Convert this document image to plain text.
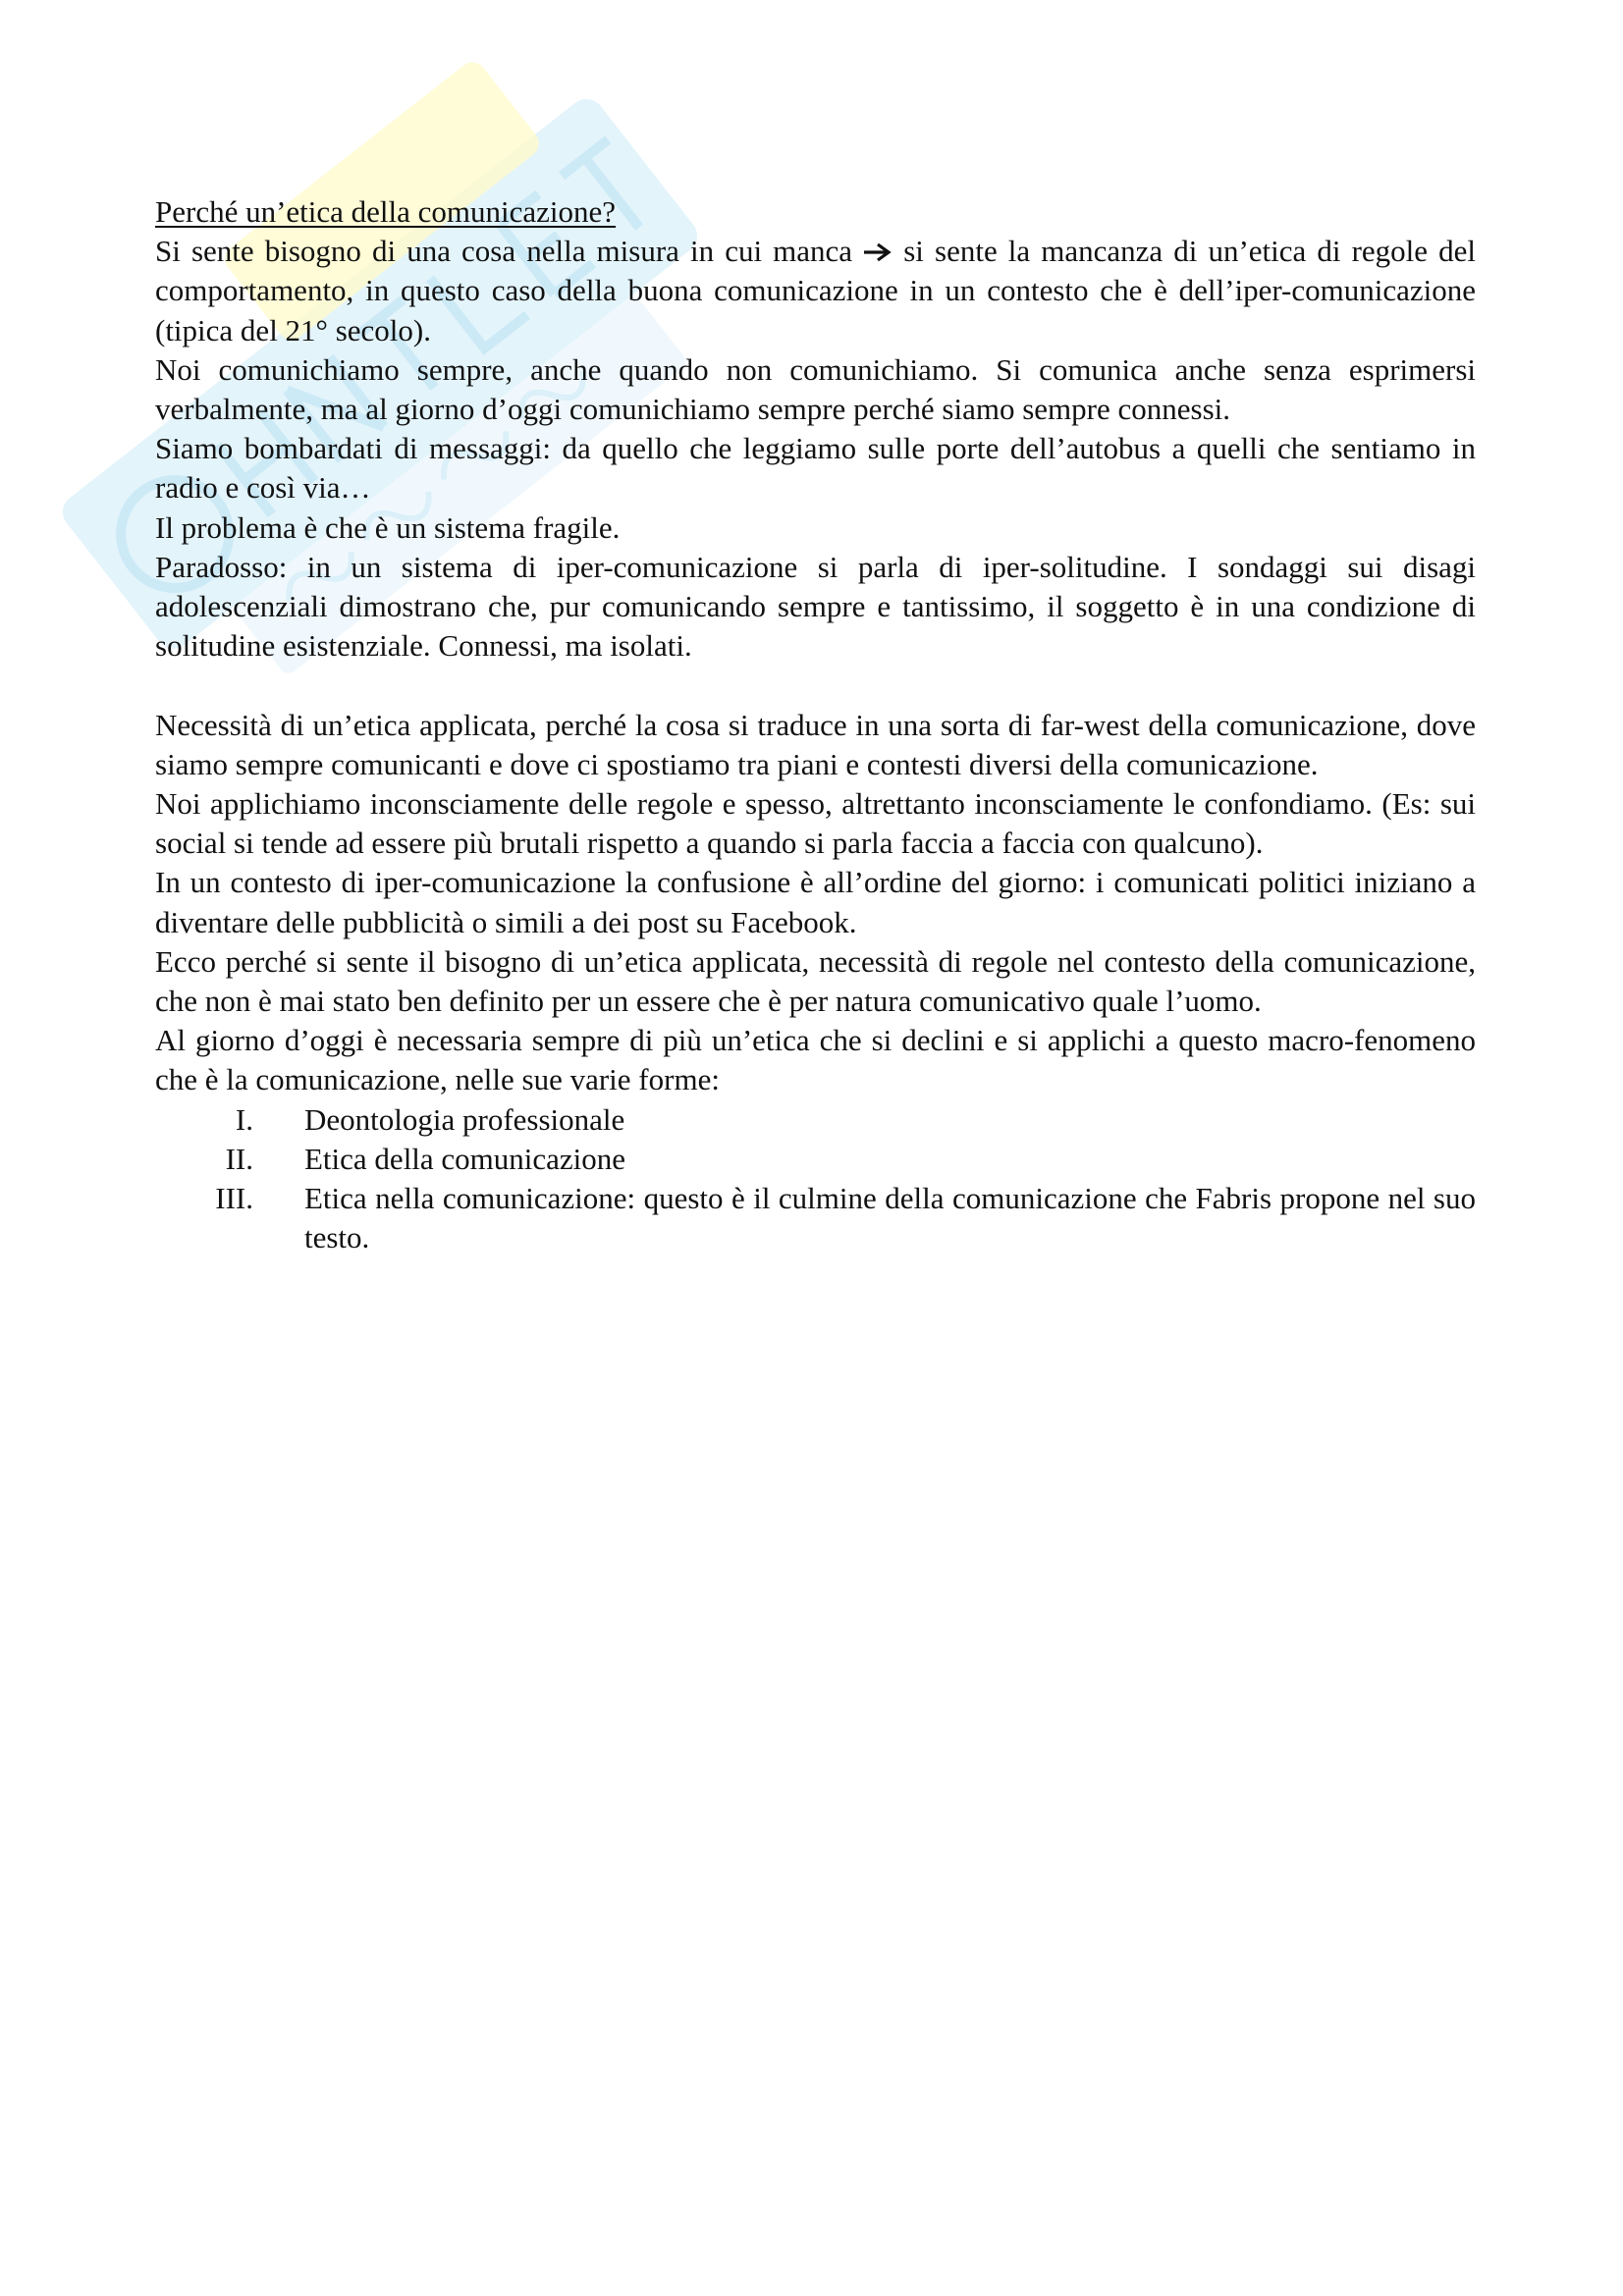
Perché un’etica della comunicazione?

Si sente bisogno di una cosa nella misura in cui manca  si sente la mancanza di un’etica di regole del comportamento, in questo caso della buona comunicazione in un contesto che è dell’iper-comunicazione (tipica del 21° secolo).

Noi comunichiamo sempre, anche quando non comunichiamo. Si comunica anche senza esprimersi verbalmente, ma al giorno d’oggi comunichiamo sempre perché siamo sempre connessi.

Siamo bombardati di messaggi: da quello che leggiamo sulle porte dell’autobus a quelli che sentiamo in radio e così via…

Il problema è che è un sistema fragile.

Paradosso: in un sistema di iper-comunicazione si parla di iper-solitudine. I sondaggi sui disagi adolescenziali dimostrano che, pur comunicando sempre e tantissimo, il soggetto è in una condizione di solitudine esistenziale. Connessi, ma isolati.

Necessità di un’etica applicata, perché la cosa si traduce in una sorta di far-west della comunicazione, dove siamo sempre comunicanti e dove ci spostiamo tra piani e contesti diversi della comunicazione.

Noi applichiamo inconsciamente delle regole e spesso, altrettanto inconsciamente le confondiamo. (Es: sui social si tende ad essere più brutali rispetto a quando si parla faccia a faccia con qualcuno).

In un contesto di iper-comunicazione la confusione è all’ordine del giorno: i comunicati politici iniziano a diventare delle pubblicità o simili a dei post su Facebook.

Ecco perché si sente il bisogno di un’etica applicata, necessità di regole nel contesto della comunicazione, che non è mai stato ben definito per un essere che è per natura comunicativo quale l’uomo.

Al giorno d’oggi è necessaria sempre di più un’etica che si declini e si applichi a questo macro-fenomeno che è la comunicazione, nelle sue varie forme:

I.	Deontologia professionale
II.	Etica della comunicazione
III.	Etica nella comunicazione: questo è il culmine della comunicazione che Fabris propone nel suo testo.
